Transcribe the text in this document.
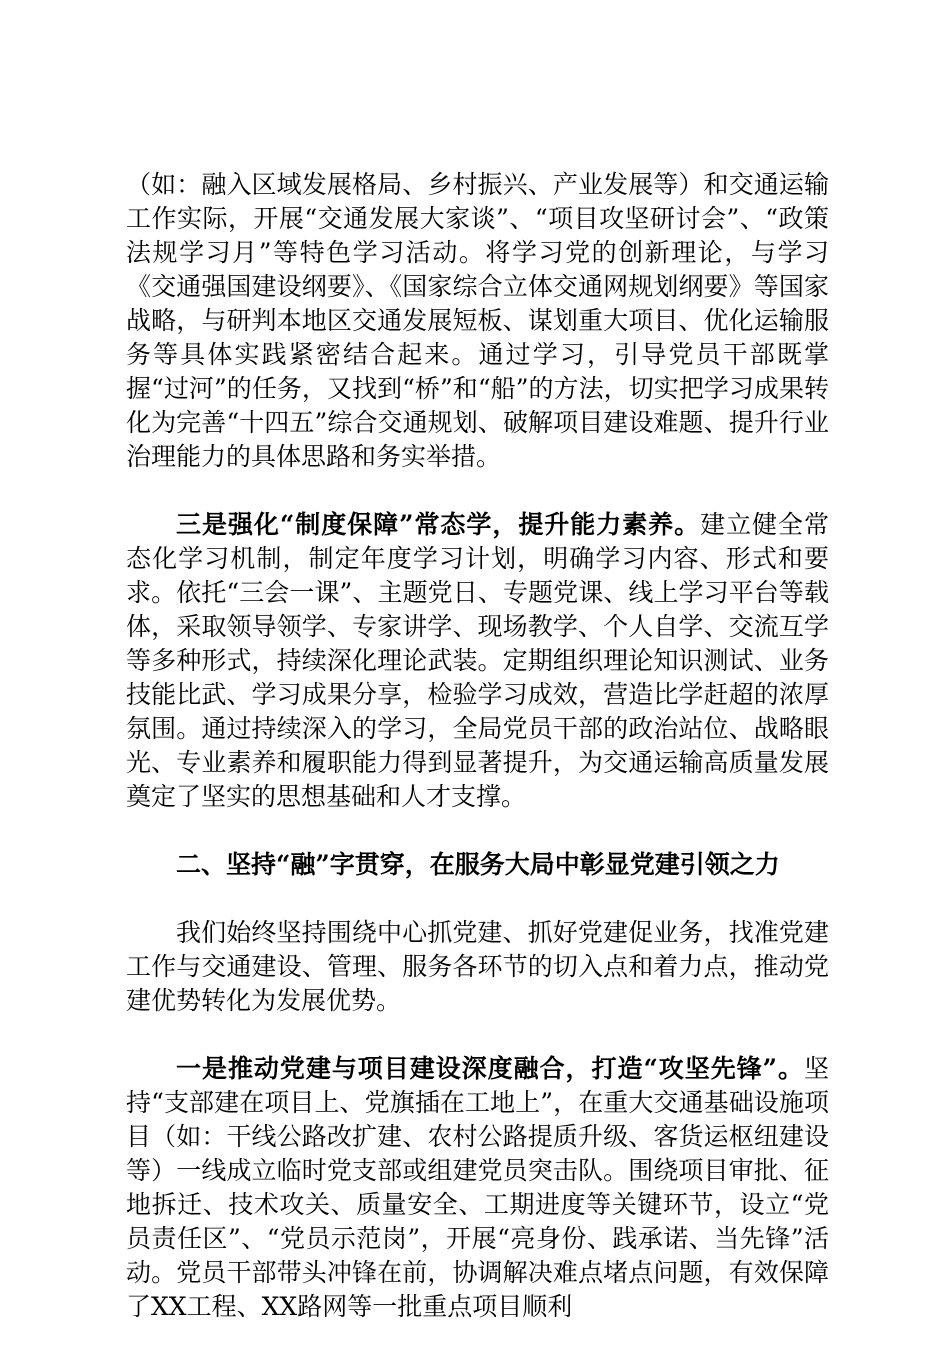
（如：融入区域发展格局、乡村振兴、产业发展等）和交通运输工作实际，开展“交通发展大家谈”、“项目攻坚研讨会”、“政策法规学习月”等特色学习活动。将学习党的创新理论，与学习《交通强国建设纲要》、《国家综合立体交通网规划纲要》等国家战略，与研判本地区交通发展短板、谋划重大项目、优化运输服务等具体实践紧密结合起来。通过学习，引导党员干部既掌握“过河”的任务，又找到“桥”和“船”的方法，切实把学习成果转化为完善“十四五”综合交通规划、破解项目建设难题、提升行业治理能力的具体思路和务实举措。

三是强化“制度保障”常态学，提升能力素养。建立健全常态化学习机制，制定年度学习计划，明确学习内容、形式和要求。依托“三会一课”、主题党日、专题党课、线上学习平台等载体，采取领导领学、专家讲学、现场教学、个人自学、交流互学等多种形式，持续深化理论武装。定期组织理论知识测试、业务技能比武、学习成果分享，检验学习成效，营造比学赶超的浓厚氛围。通过持续深入的学习，全局党员干部的政治站位、战略眼光、专业素养和履职能力得到显著提升，为交通运输高质量发展奠定了坚实的思想基础和人才支撑。

二、坚持“融”字贯穿，在服务大局中彰显党建引领之力

我们始终坚持围绕中心抓党建、抓好党建促业务，找准党建工作与交通建设、管理、服务各环节的切入点和着力点，推动党建优势转化为发展优势。

一是推动党建与项目建设深度融合，打造“攻坚先锋”。坚持“支部建在项目上、党旗插在工地上”，在重大交通基础设施项目（如：干线公路改扩建、农村公路提质升级、客货运枢纽建设等）一线成立临时党支部或组建党员突击队。围绕项目审批、征地拆迁、技术攻关、质量安全、工期进度等关键环节，设立“党员责任区”、“党员示范岗”，开展“亮身份、践承诺、当先锋”活动。党员干部带头冲锋在前，协调解决难点堵点问题，有效保障了XX工程、XX路网等一批重点项目顺利
